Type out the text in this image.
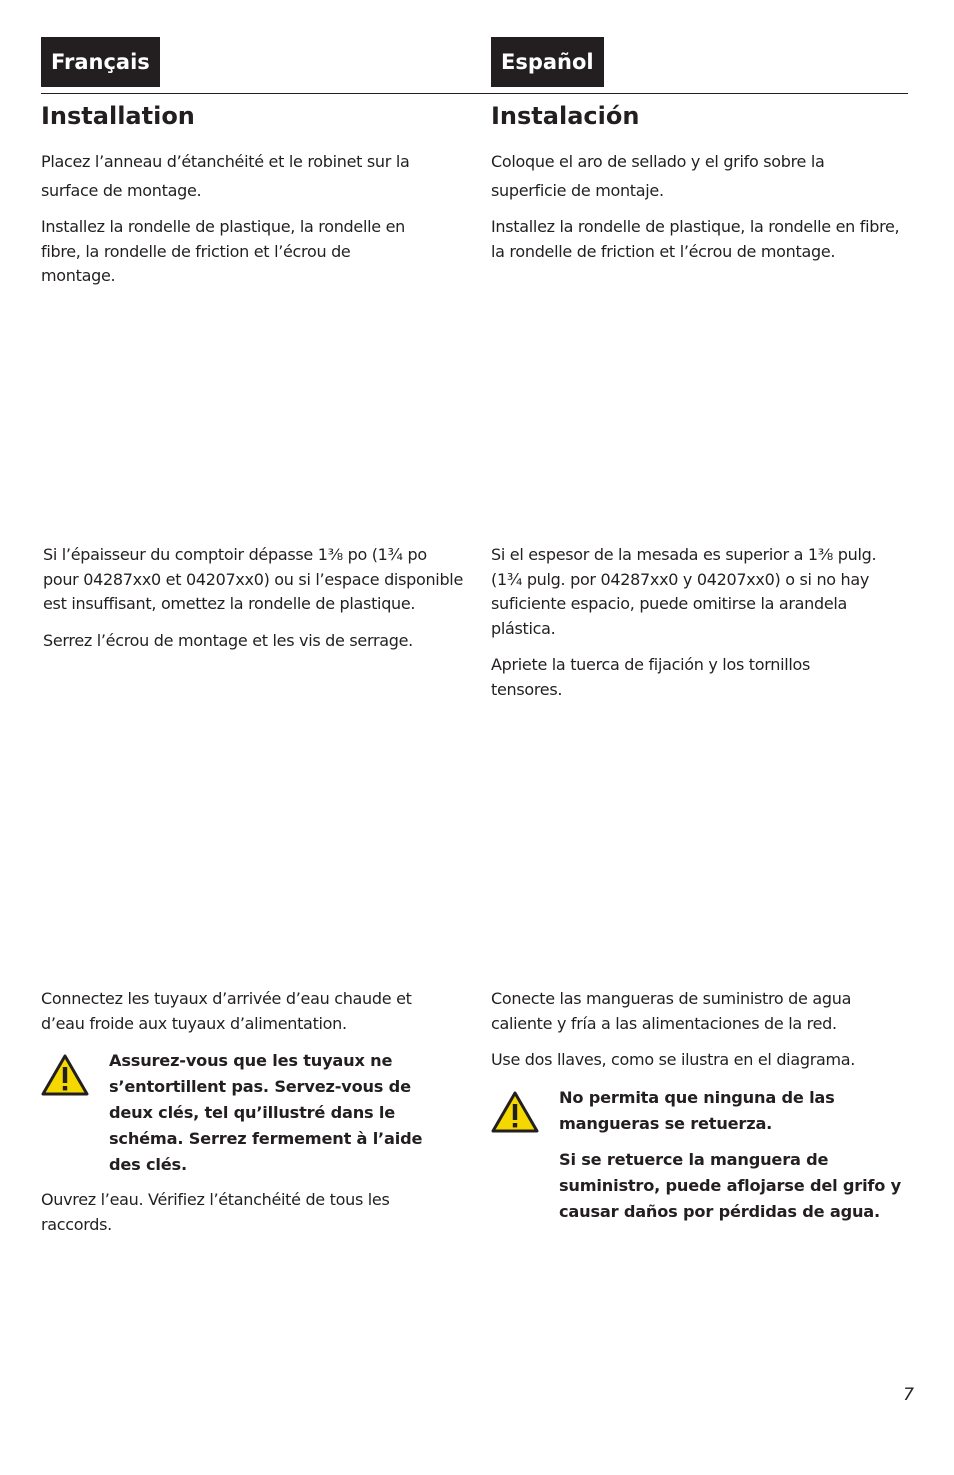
Français	Español
Installation	Instalación

Placez l’anneau d’étanchéité et le robinet sur la surface de montage.

Installez la rondelle de plastique, la rondelle en fibre, la rondelle de friction et l’écrou de montage.

Si l’épaisseur du comptoir dépasse 1⅜ po (1¾ po pour 04287xx0 et 04207xx0) ou si l’espace disponible est insuffisant, omettez la rondelle de plastique.

Serrez l’écrou de montage et les vis de serrage.

Connectez les tuyaux d’arrivée d’eau chaude et d’eau froide aux tuyaux d’alimentation.

Assurez-vous que les tuyaux ne s’entortillent pas. Servez-vous de deux clés, tel qu’illustré dans le schéma. Serrez fermement à l’aide des clés.

Ouvrez l’eau. Vérifiez l’étanchéité de tous les raccords.

Coloque el aro de sellado y el grifo sobre la superficie de montaje.

Installez la rondelle de plastique, la rondelle en fibre, la rondelle de friction et l’écrou de montage.

Si el espesor de la mesada es superior a 1⅜ pulg. (1¾ pulg. por 04287xx0 y 04207xx0) o si no hay suficiente espacio, puede omitirse la arandela plástica.

Apriete la tuerca de fijación y los tornillos tensores.

Conecte las mangueras de suministro de agua caliente y fría a las alimentaciones de la red.

Use dos llaves, como se ilustra en el diagrama.

No permita que ninguna de las mangueras se retuerza.

Si se retuerce la manguera de suministro, puede aflojarse del grifo y causar daños por pérdidas de agua.

7
